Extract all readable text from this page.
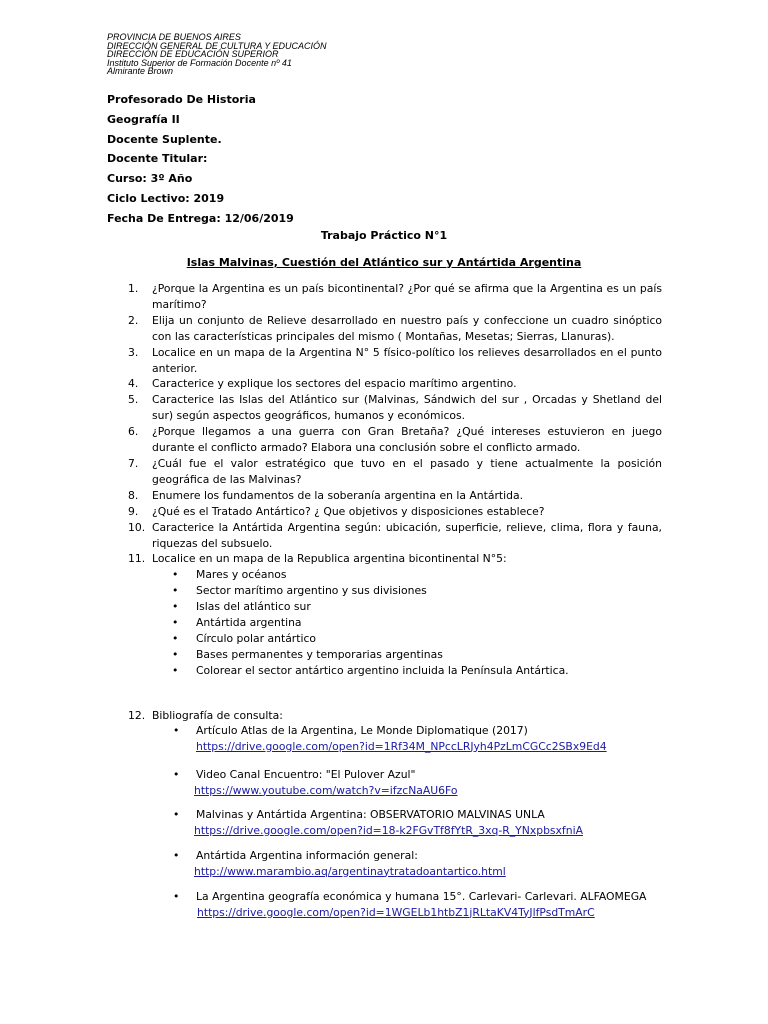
PROVINCIA DE BUENOS AIRES
DIRECCIÓN GENERAL DE CULTURA Y EDUCACIÓN
DIRECCIÓN DE EDUCACIÓN SUPERIOR
Instituto Superior de Formación Docente nº 41
Almirante Brown
Profesorado De Historia
Geografía II
Docente Suplente.
Docente Titular:
Curso: 3º Año
Ciclo Lectivo: 2019
Fecha De Entrega: 12/06/2019
Trabajo Práctico N°1
Islas Malvinas, Cuestión del Atlántico sur y Antártida Argentina
1.	¿Porque la Argentina es un país bicontinental? ¿Por qué se afirma que la Argentina es un país marítimo?
2.	Elija un conjunto de Relieve desarrollado en nuestro país y confeccione un cuadro sinóptico con las características principales del mismo ( Montañas, Mesetas; Sierras, Llanuras).
3.	Localice en un mapa de la Argentina N° 5 físico-político los relieves desarrollados en el punto anterior.
4.	Caracterice y explique los sectores del espacio marítimo argentino.
5.	Caracterice las Islas del Atlántico sur (Malvinas, Sándwich del sur , Orcadas y Shetland del sur) según aspectos geográficos, humanos y económicos.
6.	¿Porque llegamos a una guerra con Gran Bretaña? ¿Qué intereses estuvieron en juego durante el conflicto armado? Elabora una conclusión sobre el conflicto armado.
7.	¿Cuál fue el valor estratégico que tuvo en el pasado y tiene actualmente la posición geográfica de las Malvinas?
8.	Enumere los fundamentos de la soberanía argentina en la Antártida.
9.	¿Qué es el Tratado Antártico? ¿ Que objetivos y disposiciones establece?
10. Caracterice la Antártida Argentina según: ubicación, superficie, relieve, clima, flora y fauna, riquezas del subsuelo.
11. Localice en un mapa de la Republica argentina bicontinental N°5:
•	Mares y océanos
•	Sector marítimo argentino y sus divisiones
•	Islas del atlántico sur
•	Antártida argentina
•	Círculo polar antártico
•	Bases permanentes y temporarias argentinas
•	Colorear el sector antártico argentino incluida la Península Antártica.
12. Bibliografía de consulta:
•	Artículo Atlas de la Argentina, Le Monde Diplomatique (2017)
https://drive.google.com/open?id=1Rf34M_NPccLRJyh4PzLmCGCc2SBx9Ed4
•	Video Canal Encuentro: "El Pulover Azul"
https://www.youtube.com/watch?v=ifzcNaAU6Fo
•	Malvinas y Antártida Argentina: OBSERVATORIO MALVINAS UNLA
https://drive.google.com/open?id=18-k2FGvTf8fYtR_3xq-R_YNxpbsxfniA
•	Antártida Argentina información general:
http://www.marambio.aq/argentinaytratadoantartico.html
•	La Argentina geografía económica y humana 15°. Carlevari- Carlevari. ALFAOMEGA
https://drive.google.com/open?id=1WGELb1htbZ1jRLtaKV4TyJlfPsdTmArC
